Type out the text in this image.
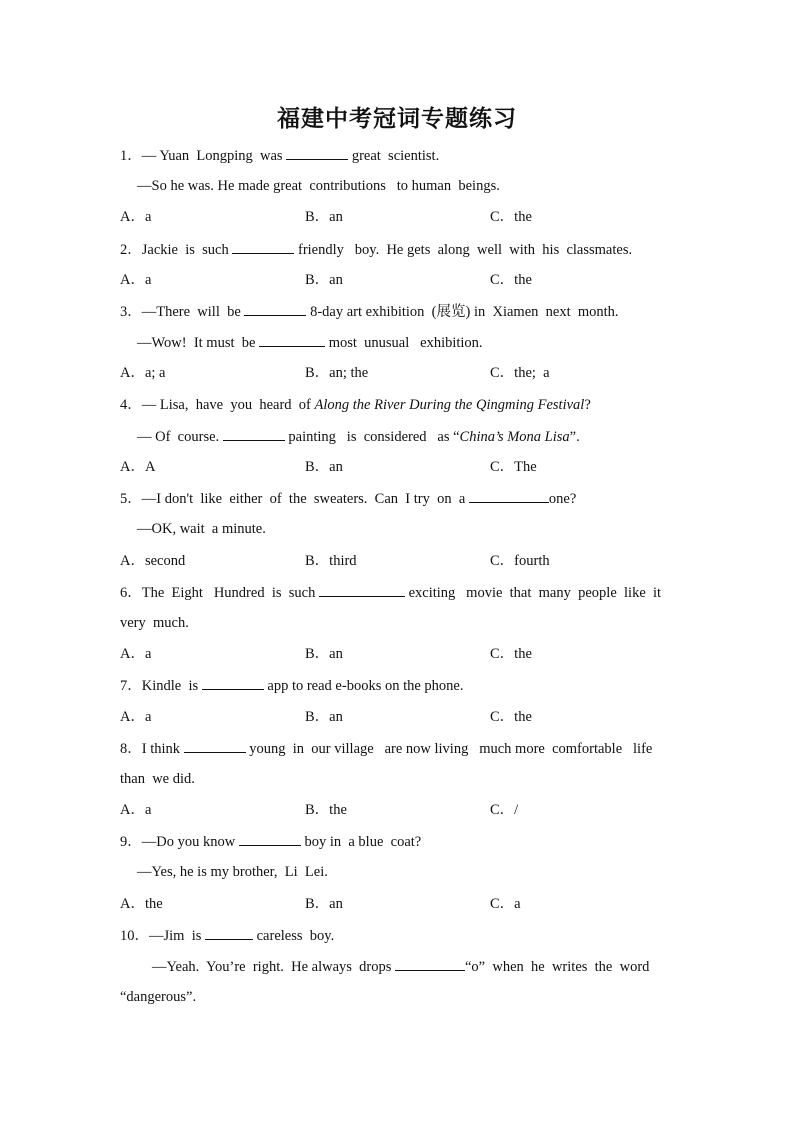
福建中考冠词专题练习
1．— Yuan  Longping  was	great  scientist.
—So he was. He made great  contributions   to human  beings.
A．a	B．an	C．the
2．Jackie  is  such	friendly   boy.  He gets  along  well  with  his  classmates.
A．a	B．an	C．the
3．—There  will  be	8-day art exhibition  (展览) in  Xiamen  next  month.
—Wow!  It must  be	most  unusual   exhibition.
A．a; a	B．an; the	C．the;  a
4．— Lisa,  have  you  heard  of Along the River During the Qingming Festival?
— Of  course.	painting   is  considered   as “China’s Mona Lisa”.
A．A	B．an	C．The
5．—I don't  like  either  of  the  sweaters.  Can  I try  on  a	one?
—OK, wait  a minute.
A．second	B．third	C．fourth
6．The  Eight   Hundred  is  such	exciting   movie  that  many  people  like  it
very  much.
A．a	B．an	C．the
7．Kindle  is	app to read e-books on the phone.
A．a	B．an	C．the
8．I think	young  in  our village   are now living   much more  comfortable   life
than  we did.
A．a	B．the	C．/
9．—Do you know	boy in  a blue  coat?
—Yes, he is my brother,  Li  Lei.
A．the	B．an	C．a
10．—Jim  is	careless  boy.
—Yeah.  You’re  right.  He always  drops	“o”  when  he  writes  the  word
“dangerous”.
